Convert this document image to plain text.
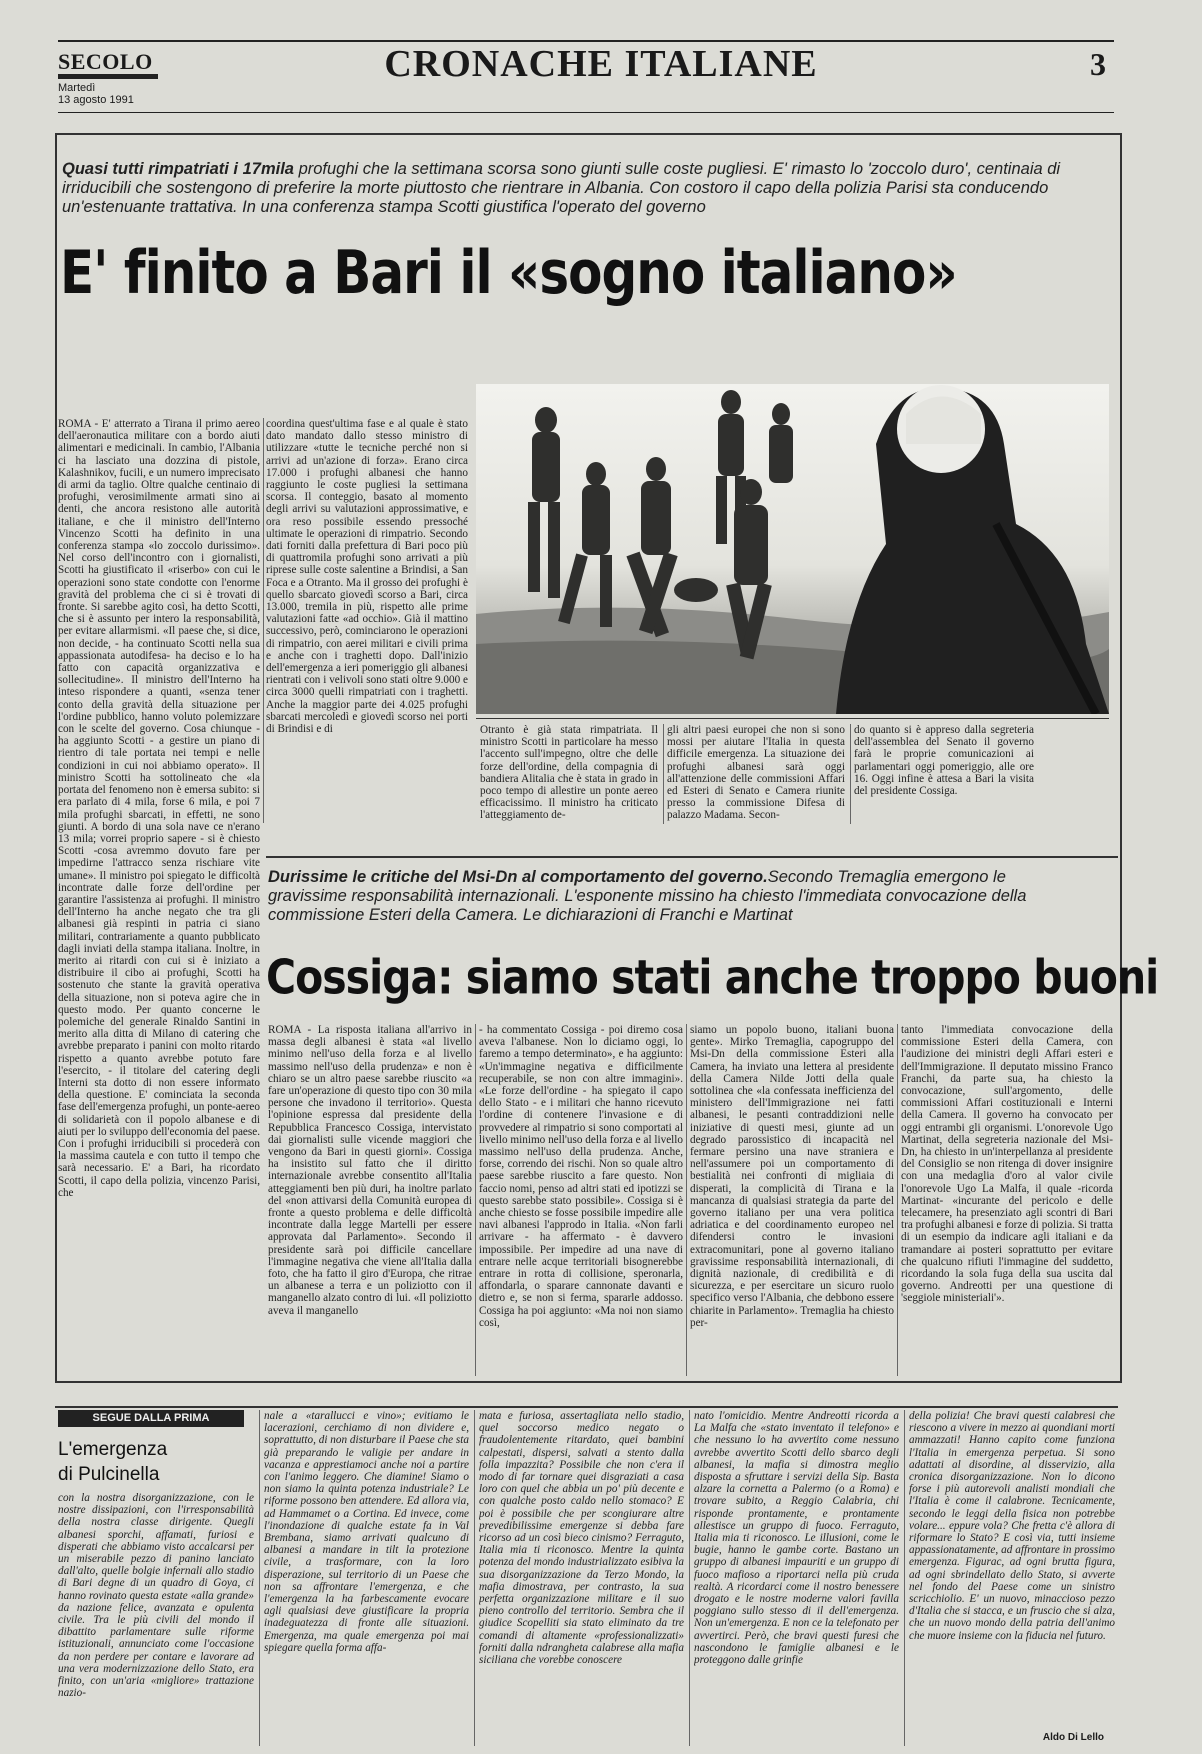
SECOLO
Martedì
13 agosto 1991
CRONACHE ITALIANE	3
Quasi tutti rimpatriati i 17mila profughi che la settimana scorsa sono giunti sulle coste pugliesi. E' rimasto lo 'zoccolo duro', centinaia di irriducibili che sostengono di preferire la morte piuttosto che rientrare in Albania. Con costoro il capo della polizia Parisi sta conducendo un'estenuante trattativa. In una conferenza stampa Scotti giustifica l'operato del governo
E' finito a Bari il «sogno italiano»
ROMA - E' atterrato a Tirana il primo aereo dell'aeronautica militare con a bordo aiuti alimentari e medicinali. In cambio, l'Albania ci ha lasciato una dozzina di pistole, Kalashnikov, fucili, e un numero imprecisato di armi da taglio. Oltre qualche centinaio di profughi, verosimilmente armati sino ai denti, che ancora resistono alle autorità italiane, e che il ministro dell'Interno Vincenzo Scotti ha definito in una conferenza stampa «lo zoccolo durissimo». Nel corso dell'incontro con i giornalisti, Scotti ha giustificato il «riserbo» con cui le operazioni sono state condotte con l'enorme gravità del problema che ci si è trovati di fronte. Si sarebbe agito così, ha detto Scotti, che si è assunto per intero la responsabilità, per evitare allarmismi. «Il paese che, si dice, non decide, - ha continuato Scotti nella sua appassionata autodifesa- ha deciso e lo ha fatto con capacità organizzativa e sollecitudine». Il ministro dell'Interno ha inteso rispondere a quanti, «senza tener conto della gravità della situazione per l'ordine pubblico, hanno voluto polemizzare con le scelte del governo. Cosa chiunque - ha aggiunto Scotti - a gestire un piano di rientro di tale portata nei tempi e nelle condizioni in cui noi abbiamo operato». Il ministro Scotti ha sottolineato che «la portata del fenomeno non è emersa subito: si era parlato di 4 mila, forse 6 mila, e poi 7 mila profughi sbarcati, in effetti, ne sono giunti. A bordo di una sola nave ce n'erano 13 mila; vorrei proprio sapere - si è chiesto Scotti -cosa avremmo dovuto fare per impedirne l'attracco senza rischiare vite umane». Il ministro poi spiegato le difficoltà incontrate dalle forze dell'ordine per garantire l'assistenza ai profughi. Il ministro dell'Interno ha anche negato che tra gli albanesi già respinti in patria ci siano militari, contrariamente a quanto pubblicato dagli inviati della stampa italiana. Inoltre, in merito ai ritardi con cui si è iniziato a distribuire il cibo ai profughi, Scotti ha sostenuto che stante la gravità operativa della situazione, non si poteva agire che in questo modo. Per quanto concerne le polemiche del generale Rinaldo Santini in merito alla ditta di Milano di catering che avrebbe preparato i panini con molto ritardo rispetto a quanto avrebbe potuto fare l'esercito, - il titolare del catering degli Interni sta dotto di non essere informato della questione. E' cominciata la seconda fase dell'emergenza profughi, un ponte-aereo di solidarietà con il popolo albanese e di aiuti per lo sviluppo dell'economia del paese. Con i profughi irriducibili si procederà con la massima cautela e con tutto il tempo che sarà necessario. E' a Bari, ha ricordato Scotti, il capo della polizia, vincenzo Parisi, che
coordina quest'ultima fase e al quale è stato dato mandato dallo stesso ministro di utilizzare «tutte le tecniche perché non si arrivi ad un'azione di forza». Erano circa 17.000 i profughi albanesi che hanno raggiunto le coste pugliesi la settimana scorsa. Il conteggio, basato al momento degli arrivi su valutazioni approssimative, e ora reso possibile essendo pressoché ultimate le operazioni di rimpatrio. Secondo dati forniti dalla prefettura di Bari poco più di quattromila profughi sono arrivati a più riprese sulle coste salentine a Brindisi, a San Foca e a Otranto. Ma il grosso dei profughi è quello sbarcato giovedì scorso a Bari, circa 13.000, tremila in più, rispetto alle prime valutazioni fatte «ad occhio». Già il mattino successivo, però, cominciarono le operazioni di rimpatrio, con aerei militari e civili prima e anche con i traghetti dopo. Dall'inizio dell'emergenza a ieri pomeriggio gli albanesi rientrati con i velivoli sono stati oltre 9.000 e circa 3000 quelli rimpatriati con i traghetti. Anche la maggior parte dei 4.025 profughi sbarcati mercoledì e giovedì scorso nei porti di Brindisi e di	Otranto è già stata rimpatriata. Il ministro Scotti in particolare ha messo l'accento sull'impegno, oltre che delle forze dell'ordine, della compagnia di bandiera Alitalia che è stata in grado in poco tempo di allestire un ponte aereo efficacissimo. Il ministro ha criticato l'atteggiamento de-
gli altri paesi europei che non si sono mossi per aiutare l'Italia in questa difficile emergenza. La situazione dei profughi albanesi sarà oggi all'attenzione delle commissioni Affari ed Esteri di Senato e Camera riunite presso la commissione Difesa di palazzo Madama. Secon-
do quanto si è appreso dalla segreteria dell'assemblea del Senato il governo farà le proprie comunicazioni ai parlamentari oggi pomeriggio, alle ore 16. Oggi infine è attesa a Bari la visita del presidente Cossiga.
Durissime le critiche del Msi-Dn al comportamento del governo.Secondo Tremaglia emergono le gravissime responsabilità internazionali. L'esponente missino ha chiesto l'immediata convocazione della commissione Esteri della Camera. Le dichiarazioni di Franchi e Martinat
Cossiga: siamo stati anche troppo buoni
ROMA - La risposta italiana all'arrivo in massa degli albanesi è stata «al livello minimo nell'uso della forza e al livello massimo nell'uso della prudenza» e non è chiaro se un altro paese sarebbe riuscito «a fare un'operazione di questo tipo con 30 mila persone che invadono il territorio». Questa l'opinione espressa dal presidente della Repubblica Francesco Cossiga, intervistato dai giornalisti sulle vicende maggiori che vengono da Bari in questi giorni». Cossiga ha insistito sul fatto che il diritto internazionale avrebbe consentito all'Italia atteggiamenti ben più duri, ha inoltre parlato del «non attivarsi della Comunità europea di fronte a questo problema e delle difficoltà incontrate dalla legge Martelli per essere approvata dal Parlamento». Secondo il presidente sarà poi difficile cancellare l'immagine negativa che viene all'Italia dalla foto, che ha fatto il giro d'Europa, che ritrae un albanese a terra e un poliziotto con il manganello alzato contro di lui. «Il poliziotto aveva il manganello
- ha commentato Cossiga - poi diremo cosa aveva l'albanese. Non lo diciamo oggi, lo faremo a tempo determinato», e ha aggiunto: «Un'immagine negativa e difficilmente recuperabile, se non con altre immagini». «Le forze dell'ordine - ha spiegato il capo dello Stato - e i militari che hanno ricevuto l'ordine di contenere l'invasione e di provvedere al rimpatrio si sono comportati al livello minimo nell'uso della forza e al livello massimo nell'uso della prudenza. Anche, forse, correndo dei rischi. Non so quale altro paese sarebbe riuscito a fare questo. Non faccio nomi, penso ad altri stati ed ipotizzi se questo sarebbe stato possibile». Cossiga si è anche chiesto se fosse possibile impedire alle navi albanesi l'approdo in Italia. «Non farli arrivare - ha affermato - è davvero impossibile. Per impedire ad una nave di entrare nelle acque territoriali bisognerebbe entrare in rotta di collisione, speronarla, affondarla, o sparare cannonate davanti e dietro e, se non si ferma, spararle addosso. Cossiga ha poi aggiunto: «Ma noi non siamo così,
siamo un popolo buono, italiani buona gente». Mirko Tremaglia, capogruppo del Msi-Dn della commissione Esteri alla Camera, ha inviato una lettera al presidente della Camera Nilde Jotti della quale sottolinea che «la confessata inefficienza del ministero dell'Immigrazione nei fatti albanesi, le pesanti contraddizioni nelle iniziative di questi mesi, giunte ad un degrado parossistico di incapacità nel fermare persino una nave straniera e nell'assumere poi un comportamento di bestialità nei confronti di migliaia di disperati, la complicità di Tirana e la mancanza di qualsiasi strategia da parte del governo italiano per una vera politica adriatica e del coordinamento europeo nel difendersi contro le invasioni extracomunitari, pone al governo italiano gravissime responsabilità internazionali, di dignità nazionale, di credibilità e di sicurezza, e per esercitare un sicuro ruolo specifico verso l'Albania, che debbono essere chiarite in Parlamento». Tremaglia ha chiesto per-
tanto l'immediata convocazione della commissione Esteri della Camera, con l'audizione dei ministri degli Affari esteri e dell'Immigrazione. Il deputato missino Franco Franchi, da parte sua, ha chiesto la convocazione, sull'argomento, delle commissioni Affari costituzionali e Interni della Camera. Il governo ha convocato per oggi entrambi gli organismi. L'onorevole Ugo Martinat, della segreteria nazionale del Msi-Dn, ha chiesto in un'interpellanza al presidente del Consiglio se non ritenga di dover insignire con una medaglia d'oro al valor civile l'onorevole Ugo La Malfa, il quale -ricorda Martinat- «incurante del pericolo e delle telecamere, ha presenziato agli scontri di Bari tra profughi albanesi e forze di polizia. Si tratta di un esempio da indicare agli italiani e da tramandare ai posteri soprattutto per evitare che qualcuno rifiuti l'immagine del suddetto, ricordando la sola fuga della sua uscita dal governo. Andreotti per una questione di 'seggiole ministeriali'».
SEGUE DALLA PRIMA
L'emergenza
di Pulcinella
con la nostra disorganizzazione, con le nostre dissipazioni, con l'irresponsabilità della nostra classe dirigente. Quegli albanesi sporchi, affamati, furiosi e disperati che abbiamo visto accalcarsi per un miserabile pezzo di panino lanciato dall'alto, quelle bolgie infernali allo stadio di Bari degne di un quadro di Goya, ci hanno rovinato questa estate «alla grande» da nazione felice, avanzata e opulenta civile. Tra le più civili del mondo il dibattito parlamentare sulle riforme istituzionali, annunciato come l'occasione da non perdere per contare e lavorare ad una vera modernizzazione dello Stato, era finito, con un'aria «migliore» trattazione nazio-
nale a «tarallucci e vino»; evitiamo le lacerazioni, cerchiamo di non dividere e, soprattutto, di non disturbare il Paese che sta già preparando le valigie per andare in vacanza e apprestiamoci anche noi a partire con l'animo leggero. Che diamine! Siamo o non siamo la quinta potenza industriale? Le riforme possono ben attendere. Ed allora via, ad Hammamet o a Cortina. Ed invece, come l'inondazione di qualche estate fa in Val Brembana, siamo arrivati qualcuno di albanesi a mandare in tilt la protezione civile, a trasformare, con la loro disperazione, sul territorio di un Paese che non sa affrontare l'emergenza, e che l'emergenza la ha farbescamente evocare agli qualsiasi deve giustificare la propria inadeguatezza di fronte alle situazioni. Emergenza, ma quale emergenza poi mai spiegare quella forma affa-
mata e furiosa, assertagliata nello stadio, quel soccorso medico negato o fraudolentemente ritardato, quei bambini calpestati, dispersi, salvati a stento dalla folla impazzita? Possibile che non c'era il modo di far tornare quei disgraziati a casa loro con quel che abbia un po' più decente e con qualche posto caldo nello stomaco? E poi è possibile che per scongiurare altre prevedibilissime emergenze si debba fare ricorso ad un così bieco cinismo? Ferraguto, Italia mia ti riconosco. Mentre la quinta potenza del mondo industrializzato esibiva la sua disorganizzazione da Terzo Mondo, la mafia dimostrava, per contrasto, la sua perfetta organizzazione militare e il suo pieno controllo del territorio. Sembra che il giudice Scopelliti sia stato eliminato da tre comandi di altamente «professionalizzati» forniti dalla ndrangheta calabrese alla mafia siciliana che vorebbe conoscere
nato l'omicidio. Mentre Andreotti ricorda a La Malfa che «stato inventato il telefono» e che nessuno lo ha avvertito come nessuno avrebbe avvertito Scotti dello sbarco degli albanesi, la mafia si dimostra meglio disposta a sfruttare i servizi della Sip. Basta alzare la cornetta a Palermo (o a Roma) e trovare subito, a Reggio Calabria, chi risponde prontamente, e prontamente allestisce un gruppo di fuoco. Ferraguto, Italia mia ti riconosco. Le illusioni, come le bugie, hanno le gambe corte. Bastano un gruppo di albanesi impauriti e un gruppo di fuoco mafioso a riportarci nella più cruda realtà. A ricordarci come il nostro benessere drogato e le nostre moderne valori favilla poggiano sullo stesso di il dell'emergenza. Non un'emergenza. E non ce la telefonato per avvertirci. Però, che bravi questi furesi che nascondono le famiglie albanesi e le proteggono dalle grinfie
della polizia! Che bravi questi calabresi che riescono a vivere in mezzo ai quondiani morti ammazzati! Hanno capito come funziona l'Italia in emergenza perpetua. Si sono adattati al disordine, al disservizio, alla cronica disorganizzazione. Non lo dicono forse i più autorevoli analisti mondiali che l'Italia è come il calabrone. Tecnicamente, secondo le leggi della fisica non potrebbe volare... eppure vola? Che fretta c'è allora di riformare lo Stato? E così via, tutti insieme appassionatamente, ad affrontare in prossimo emergenza. Figurac, ad ogni brutta figura, ad ogni sbrindellato dello Stato, si avverte nel fondo del Paese come un sinistro scricchiolio. E' un nuovo, minaccioso pezzo d'Italia che si stacca, e un fruscio che si alza, che un nuovo mondo della patria dell'animo che muore insieme con la fiducia nel futuro.
Aldo Di Lello
